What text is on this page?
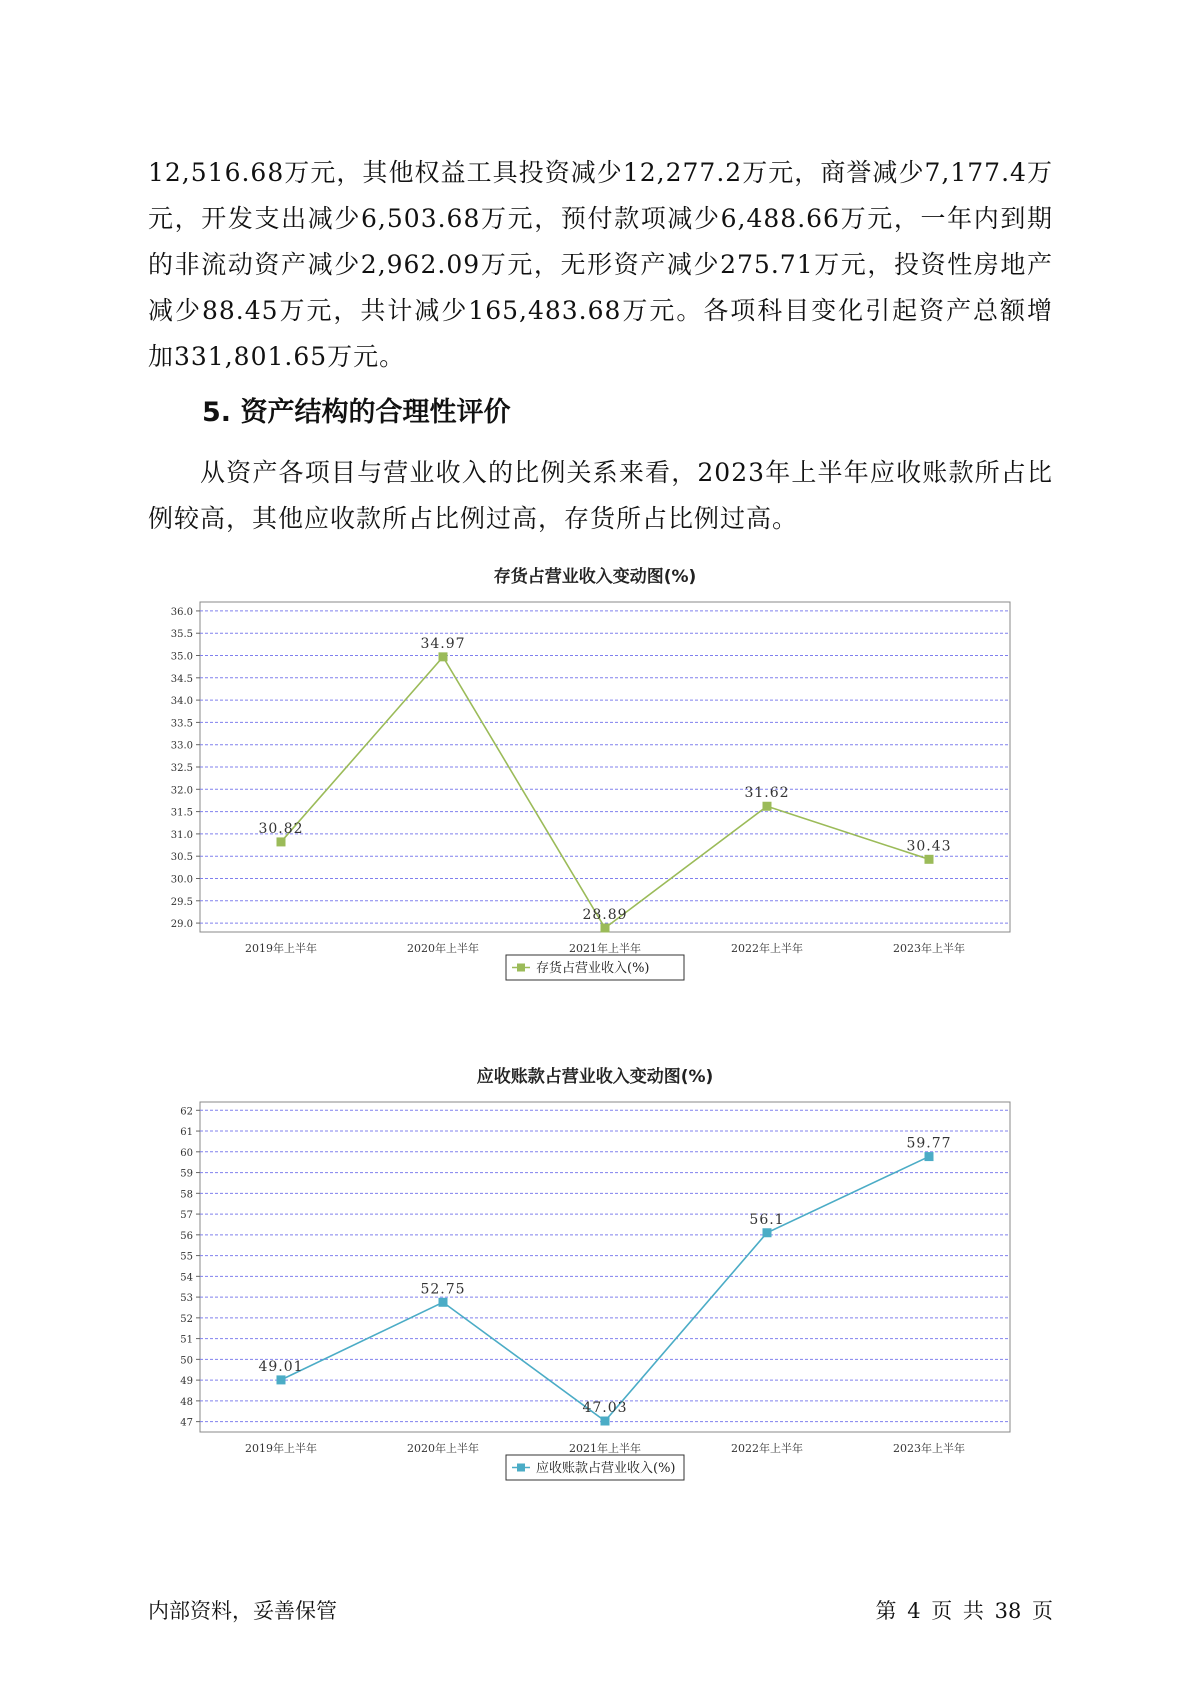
12,516.68万元，其他权益工具投资减少12,277.2万元，商誉减少7,177.4万元，开发支出减少6,503.68万元，预付款项减少6,488.66万元，一年内到期的非流动资产减少2,962.09万元，无形资产减少275.71万元，投资性房地产减少88.45万元，共计减少165,483.68万元。各项科目变化引起资产总额增加331,801.65万元。

5. 资产结构的合理性评价

从资产各项目与营业收入的比例关系来看，2023年上半年应收账款所占比例较高，其他应收款所占比例过高，存货所占比例过高。

存货占营业收入变动图(%)
29.0
29.5
30.0
30.5
31.0
31.5
32.0
32.5
33.0
33.5
34.0
34.5
35.0
35.5
36.0
2019年上半年	2020年上半年	2021年上半年	2022年上半年	2023年上半年
30.82
34.97
28.89
31.62
30.43
存货占营业收入(%)
应收账款占营业收入变动图(%)
47
48
49
50
51
52
53
54
55
56
57
58
59
60
61
62
2019年上半年	2020年上半年	2021年上半年	2022年上半年	2023年上半年
49.01
52.75
47.03
56.1
59.77
应收账款占营业收入(%)
内部资料，妥善保管	第 4 页 共 38 页
